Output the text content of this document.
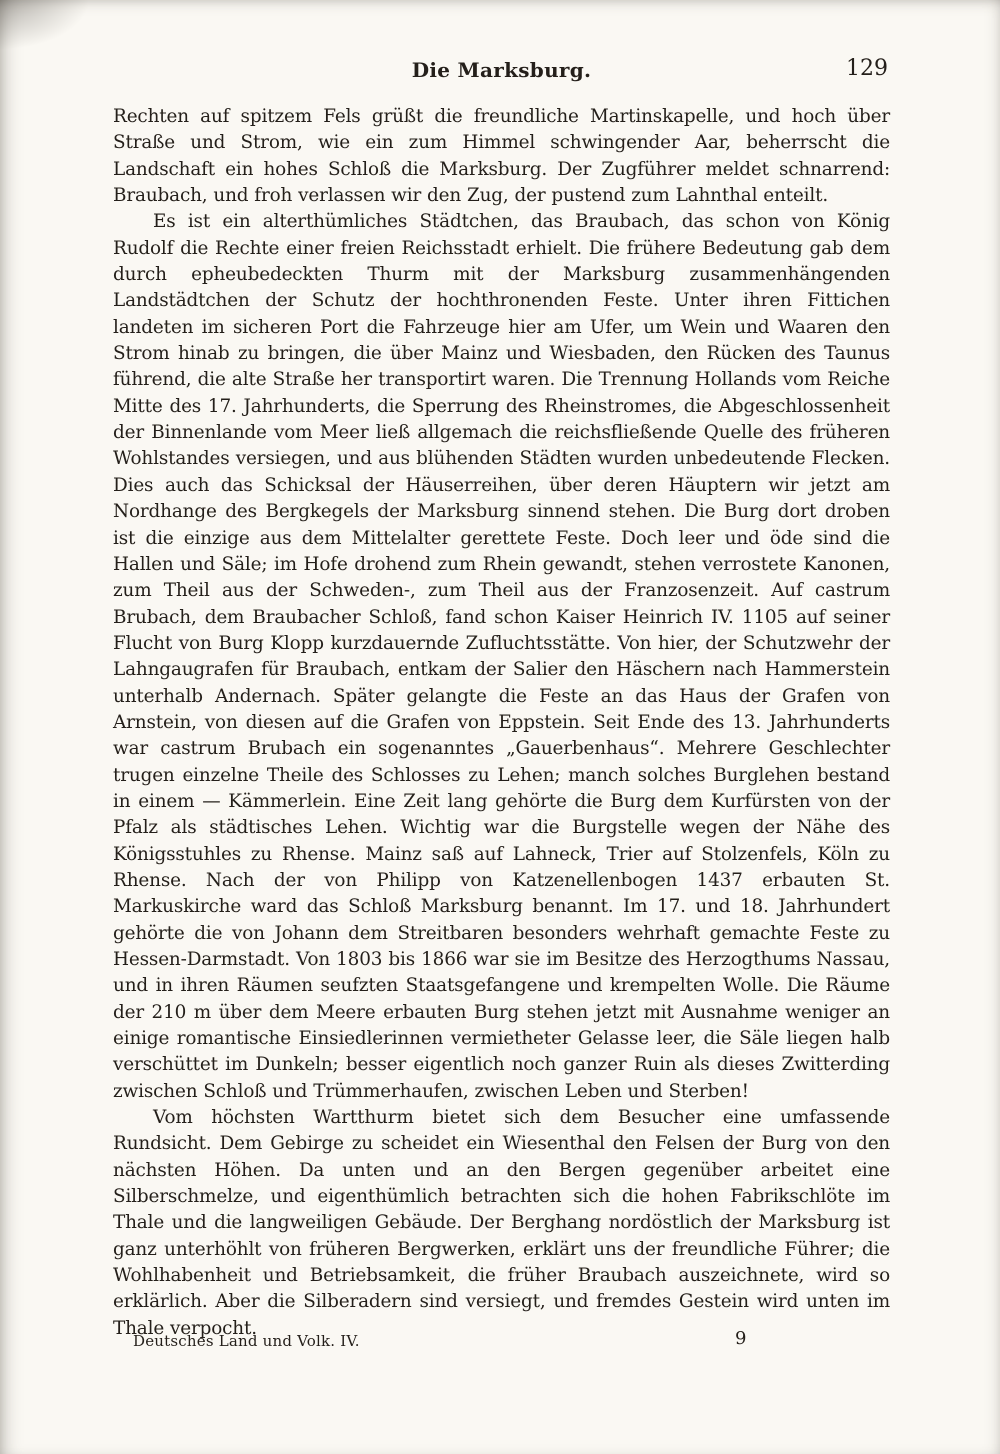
Die Marksburg.	129

Rechten auf spitzem Fels grüßt die freundliche Martinskapelle, und hoch über Straße und Strom, wie ein zum Himmel schwingender Aar, beherrscht die Landschaft ein hohes Schloß die Marksburg. Der Zugführer meldet schnarrend: Braubach, und froh verlassen wir den Zug, der pustend zum Lahnthal enteilt.

Es ist ein alterthümliches Städtchen, das Braubach, das schon von König Rudolf die Rechte einer freien Reichsstadt erhielt. Die frühere Bedeutung gab dem durch epheubedeckten Thurm mit der Marksburg zusammenhängenden Landstädtchen der Schutz der hochthronenden Feste. Unter ihren Fittichen landeten im sicheren Port die Fahrzeuge hier am Ufer, um Wein und Waaren den Strom hinab zu bringen, die über Mainz und Wiesbaden, den Rücken des Taunus führend, die alte Straße her transportirt waren. Die Trennung Hollands vom Reiche Mitte des 17. Jahrhunderts, die Sperrung des Rheinstromes, die Abgeschlossenheit der Binnenlande vom Meer ließ allgemach die reichsfließende Quelle des früheren Wohlstandes versiegen, und aus blühenden Städten wurden unbedeutende Flecken. Dies auch das Schicksal der Häuserreihen, über deren Häuptern wir jetzt am Nordhange des Bergkegels der Marksburg sinnend stehen. Die Burg dort droben ist die einzige aus dem Mittelalter gerettete Feste. Doch leer und öde sind die Hallen und Säle; im Hofe drohend zum Rhein gewandt, stehen verrostete Kanonen, zum Theil aus der Schweden-, zum Theil aus der Franzosenzeit. Auf castrum Brubach, dem Braubacher Schloß, fand schon Kaiser Heinrich IV. 1105 auf seiner Flucht von Burg Klopp kurzdauernde Zufluchtsstätte. Von hier, der Schutzwehr der Lahngaugrafen für Braubach, entkam der Salier den Häschern nach Hammerstein unterhalb Andernach. Später gelangte die Feste an das Haus der Grafen von Arnstein, von diesen auf die Grafen von Eppstein. Seit Ende des 13. Jahrhunderts war castrum Brubach ein sogenanntes „Gauerbenhaus“. Mehrere Geschlechter trugen einzelne Theile des Schlosses zu Lehen; manch solches Burglehen bestand in einem — Kämmerlein. Eine Zeit lang gehörte die Burg dem Kurfürsten von der Pfalz als städtisches Lehen. Wichtig war die Burgstelle wegen der Nähe des Königsstuhles zu Rhense. Mainz saß auf Lahneck, Trier auf Stolzenfels, Köln zu Rhense. Nach der von Philipp von Katzenellenbogen 1437 erbauten St. Markuskirche ward das Schloß Marksburg benannt. Im 17. und 18. Jahrhundert gehörte die von Johann dem Streitbaren besonders wehrhaft gemachte Feste zu Hessen-Darmstadt. Von 1803 bis 1866 war sie im Besitze des Herzogthums Nassau, und in ihren Räumen seufzten Staatsgefangene und krempelten Wolle. Die Räume der 210 m über dem Meere erbauten Burg stehen jetzt mit Ausnahme weniger an einige romantische Einsiedlerinnen vermietheter Gelasse leer, die Säle liegen halb verschüttet im Dunkeln; besser eigentlich noch ganzer Ruin als dieses Zwitterding zwischen Schloß und Trümmerhaufen, zwischen Leben und Sterben!

Vom höchsten Wartthurm bietet sich dem Besucher eine umfassende Rundsicht. Dem Gebirge zu scheidet ein Wiesenthal den Felsen der Burg von den nächsten Höhen. Da unten und an den Bergen gegenüber arbeitet eine Silberschmelze, und eigenthümlich betrachten sich die hohen Fabrikschlöte im Thale und die langweiligen Gebäude. Der Berghang nordöstlich der Marksburg ist ganz unterhöhlt von früheren Bergwerken, erklärt uns der freundliche Führer; die Wohlhabenheit und Betriebsamkeit, die früher Braubach auszeichnete, wird so erklärlich. Aber die Silberadern sind versiegt, und fremdes Gestein wird unten im Thale verpocht.

Deutsches Land und Volk. IV.	9
